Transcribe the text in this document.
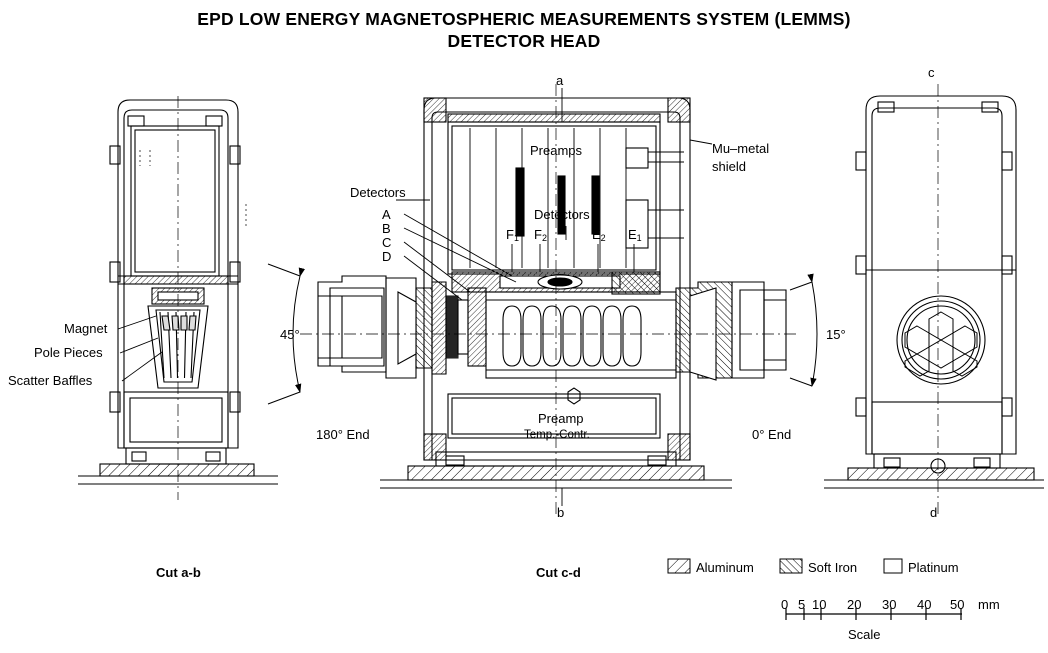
EPD LOW ENERGY MAGNETOSPHERIC MEASUREMENTS SYSTEM (LEMMS)
DETECTOR HEAD
a
b
c
d
Magnet
Pole Pieces
Scatter Baffles
45°
180° End
Cut a-b
Preamps
Detectors
Detectors
A
B
C
D
$F_1$ $F_2$	$E_2$ $E_1$
Mu–metal
shield
Preamp
Temp.-Contr.
15°
0° End
Cut c-d	Aluminum	Soft Iron	Platinum
0 5 10 20 30 40 50 mm
Scale
